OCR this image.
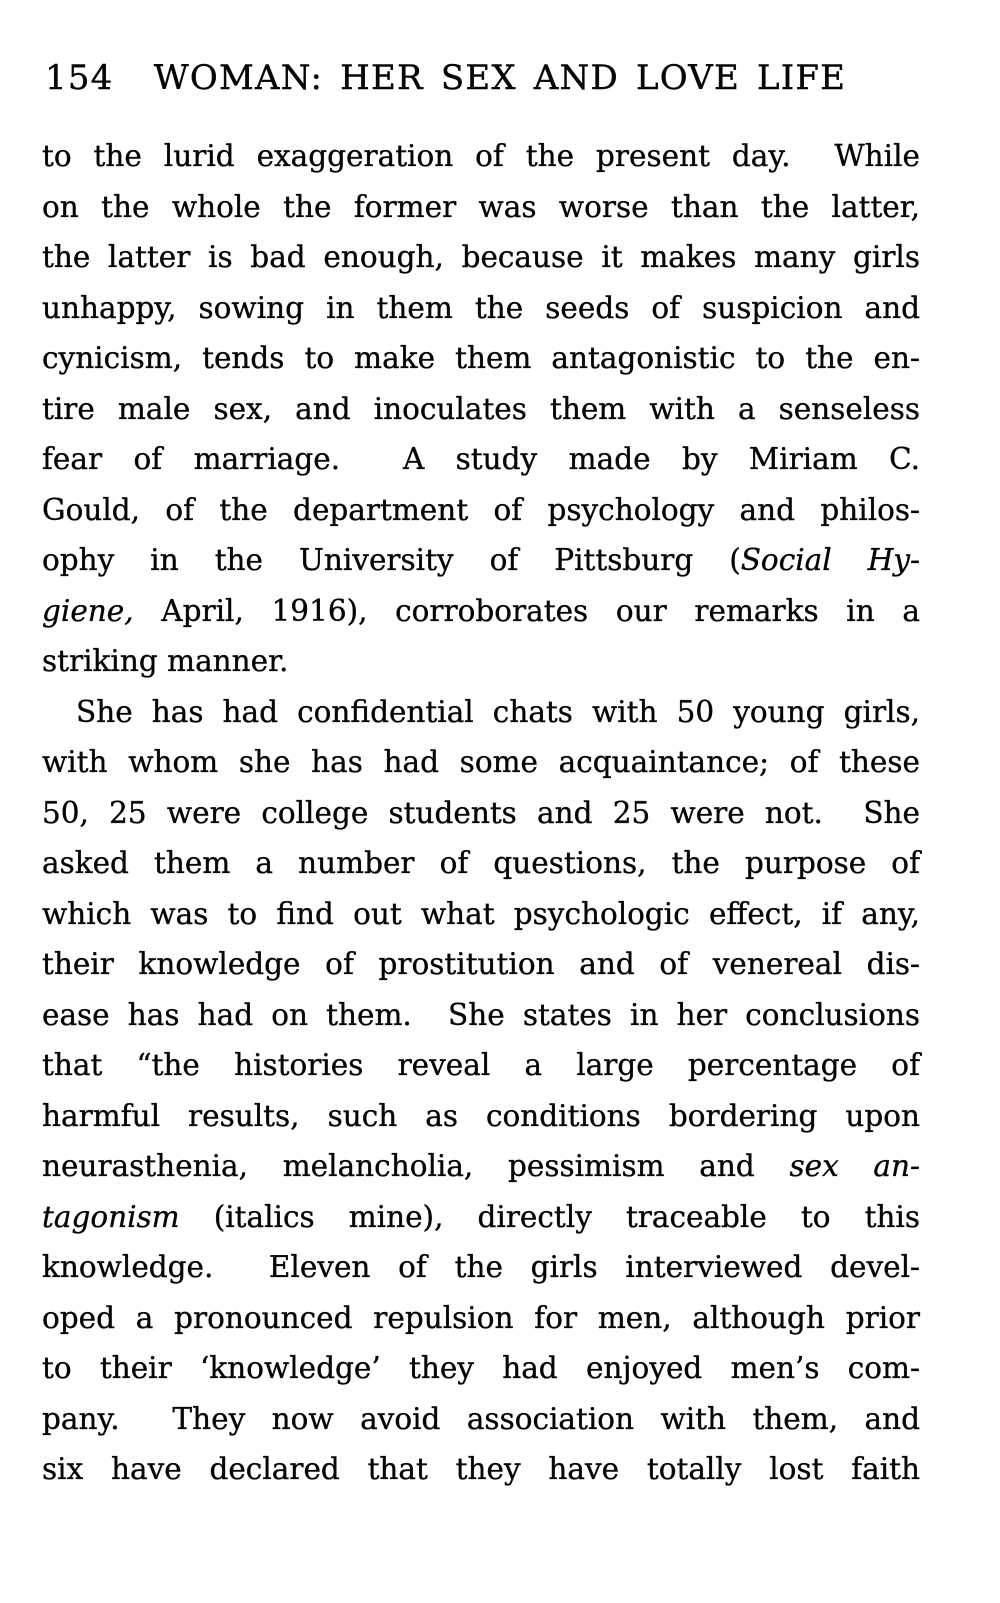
154	WOMAN: HER SEX AND LOVE LIFE
to the lurid exaggeration of the present day.  While
on the whole the former was worse than the latter,
the latter is bad enough, because it makes many girls
unhappy, sowing in them the seeds of suspicion and
cynicism, tends to make them antagonistic to the en-
tire male sex, and inoculates them with a senseless
fear of marriage.  A study made by Miriam C.
Gould, of the department of psychology and philos-
ophy in the University of Pittsburg (Social Hy-
giene, April, 1916), corroborates our remarks in a
striking manner.
She has had confidential chats with 50 young girls,
with whom she has had some acquaintance; of these
50, 25 were college students and 25 were not.  She
asked them a number of questions, the purpose of
which was to find out what psychologic effect, if any,
their knowledge of prostitution and of venereal dis-
ease has had on them.  She states in her conclusions
that “the histories reveal a large percentage of
harmful results, such as conditions bordering upon
neurasthenia, melancholia, pessimism and sex an-
tagonism (italics mine), directly traceable to this
knowledge.  Eleven of the girls interviewed devel-
oped a pronounced repulsion for men, although prior
to their ‘knowledge’ they had enjoyed men’s com-
pany.  They now avoid association with them, and
six have declared that they have totally lost faith
